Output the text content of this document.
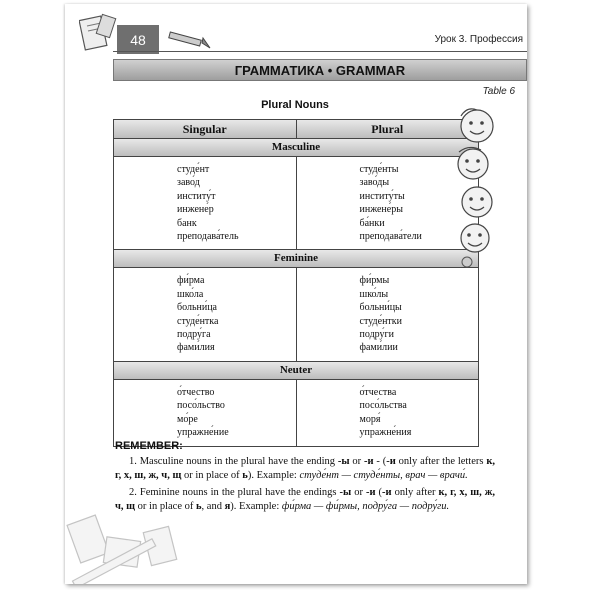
48	Урок 3. Профессия
ГРАММАТИКА • GRAMMAR
Table 6
Plural Nouns
Singular	Plural
Masculine
студе́нт
заво́д
институ́т
инжене́р
банк
преподава́тель
студе́нты
заво́ды
институ́ты
инжене́ры
ба́нки
преподава́тели
Feminine
фи́рма
шко́ла
больни́ца
студе́нтка
подру́га
фами́лия
фи́рмы
шко́лы
больни́цы
студе́нтки
подру́ги
фами́лии
Neuter
о́тчество
посо́льство
мо́ре
упражне́ние
о́тчества
посо́льства
моря́
упражне́ния
REMEMBER:

1. Masculine nouns in the plural have the ending -ы or -и - (-и only after the letters к, г, х, ш, ж, ч, щ or in place of ь). Example: студе́нт — студе́нты, врач — врачи́.

2. Feminine nouns in the plural have the endings -ы or -и (-и only after к, г, х, ш, ж, ч, щ or in place of ь, and я). Example: фи́рма — фи́рмы, подру́га — подру́ги.
